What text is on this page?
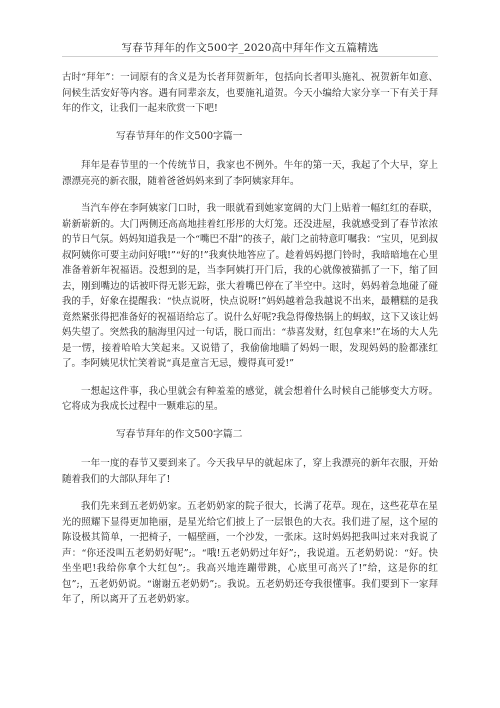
写春节拜年的作文500字_2020高中拜年作文五篇精选

古时“拜年”：一词原有的含义是为长者拜贺新年，包括向长者叩头施礼、祝贺新年如意、问候生活安好等内容。遇有同辈亲友，也要施礼道贺。今天小编给大家分享一下有关于拜年的作文，让我们一起来欣赏一下吧!

写春节拜年的作文500字篇一

拜年是春节里的一个传统节日，我家也不例外。牛年的第一天，我起了个大早，穿上漂漂亮亮的新衣服，随着爸爸妈妈来到了李阿姨家拜年。

当汽车停在李阿姨家门口时，我一眼就看到她家宽阔的大门上贴着一幅红红的春联，崭新崭新的。大门两侧还高高地挂着红彤彤的大灯笼。还没进屋，我就感受到了春节浓浓的节日气氛。妈妈知道我是一个“嘴巴不甜”的孩子，敲门之前特意叮嘱我：“宝贝，见到叔叔阿姨你可要主动问好哦!”“好的!”我爽快地答应了。趁着妈妈摁门铃时，我暗暗地在心里准备着新年祝福语。没想到的是，当李阿姨打开门后，我的心就像被猫抓了一下，缩了回去，刚到嘴边的话被吓得无影无踪，张大着嘴巴停在了半空中。这时，妈妈着急地碰了碰我的手，好象在提醒我：“快点说呀，快点说呀!”妈妈越着急我越说不出来，最糟糕的是我竟然紧张得把准备好的祝福语给忘了。说什么好呢?我急得像热锅上的蚂蚁，这下又该让妈妈失望了。突然我的脑海里闪过一句话，脱口而出：“恭喜发财，红包拿来!”在场的大人先是一愣，接着哈哈大笑起来。又说错了，我偷偷地瞄了妈妈一眼，发现妈妈的脸都涨红了。李阿姨见状忙笑着说“真是童言无忌，嫂得真可爱!”

一想起这件事，我心里就会有种羞羞的感觉，就会想着什么时候自己能够变大方呀。它将成为我成长过程中一颗难忘的星。

写春节拜年的作文500字篇二

一年一度的春节又要到来了。今天我早早的就起床了，穿上我漂亮的新年衣服，开始随着我们的大部队拜年了!

我们先来到五老奶奶家。五老奶奶家的院子很大，长满了花草。现在，这些花草在星光的照耀下显得更加艳丽，是星光给它们披上了一层银色的大衣。我们进了屋，这个屋的陈设极其简单，一把椅子，一幅壁画，一个沙发，一张床。这时妈妈把我叫过来对我说了声：“你还没叫五老奶奶好呢”;。“哦!五老奶奶过年好”;，我说道。五老奶奶说：“好。快坐坐吧!我给你拿个大红包”;。我高兴地连蹦带跳，心底里可高兴了!”给，这是你的红包”;，五老奶奶说。“谢谢五老奶奶”;。我说。五老奶奶还夸我很懂事。我们要到下一家拜年了，所以离开了五老奶奶家。
